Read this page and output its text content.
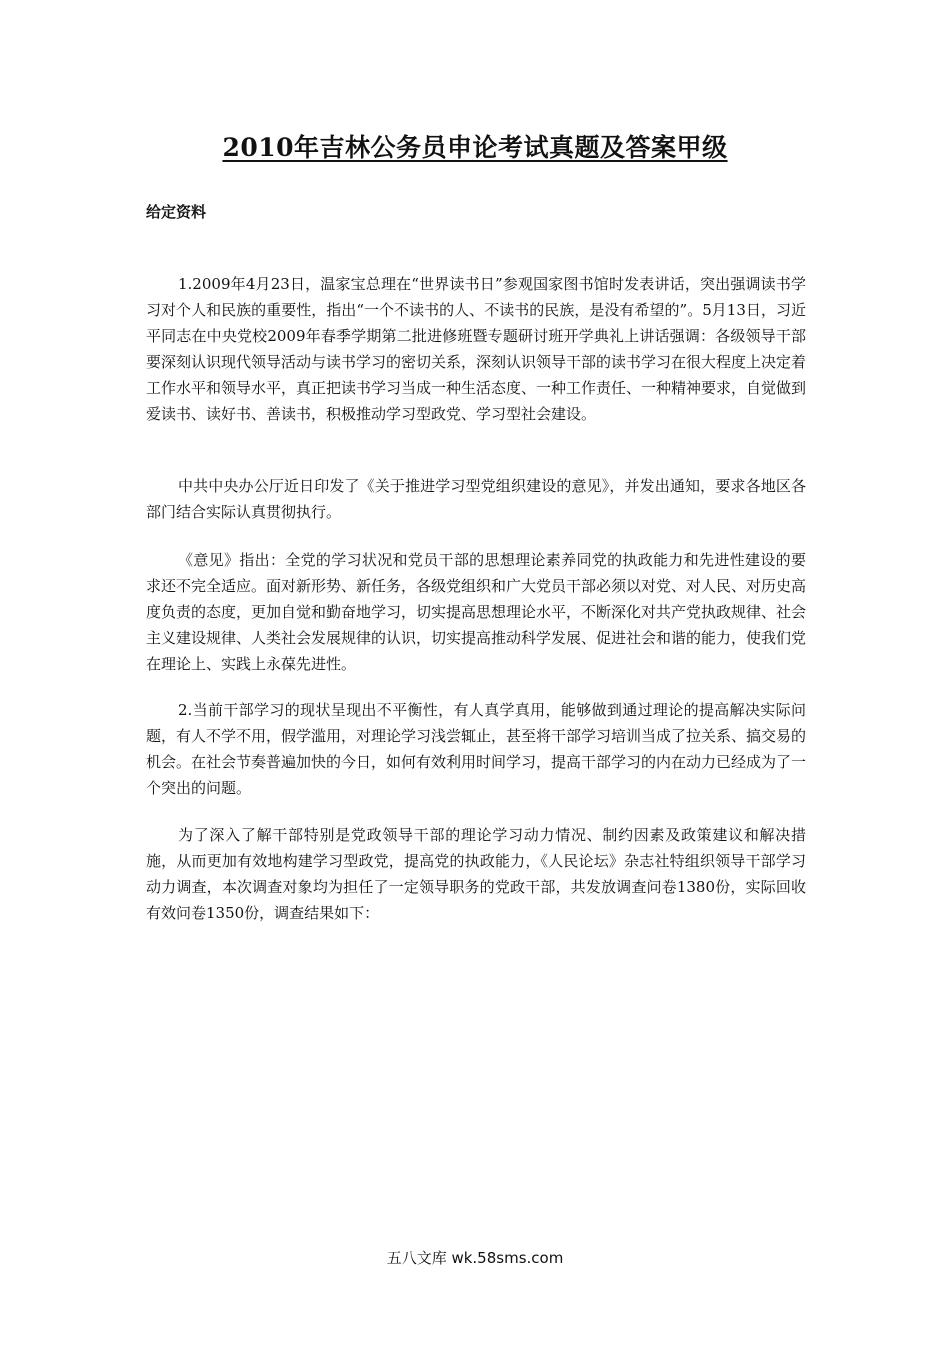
2010年吉林公务员申论考试真题及答案甲级
给定资料

1.2009年4月23日，温家宝总理在“世界读书日”参观国家图书馆时发表讲话，突出强调读书学习对个人和民族的重要性，指出“一个不读书的人、不读书的民族，是没有希望的”。5月13日，习近平同志在中央党校2009年春季学期第二批进修班暨专题研讨班开学典礼上讲话强调：各级领导干部要深刻认识现代领导活动与读书学习的密切关系，深刻认识领导干部的读书学习在很大程度上决定着工作水平和领导水平，真正把读书学习当成一种生活态度、一种工作责任、一种精神要求，自觉做到爱读书、读好书、善读书，积极推动学习型政党、学习型社会建设。

中共中央办公厅近日印发了《关于推进学习型党组织建设的意见》，并发出通知，要求各地区各部门结合实际认真贯彻执行。

《意见》指出：全党的学习状况和党员干部的思想理论素养同党的执政能力和先进性建设的要求还不完全适应。面对新形势、新任务，各级党组织和广大党员干部必须以对党、对人民、对历史高度负责的态度，更加自觉和勤奋地学习，切实提高思想理论水平，不断深化对共产党执政规律、社会主义建设规律、人类社会发展规律的认识，切实提高推动科学发展、促进社会和谐的能力，使我们党在理论上、实践上永葆先进性。

2.当前干部学习的现状呈现出不平衡性，有人真学真用，能够做到通过理论的提高解决实际问题，有人不学不用，假学滥用，对理论学习浅尝辄止，甚至将干部学习培训当成了拉关系、搞交易的机会。在社会节奏普遍加快的今日，如何有效利用时间学习，提高干部学习的内在动力已经成为了一个突出的问题。

为了深入了解干部特别是党政领导干部的理论学习动力情况、制约因素及政策建议和解决措施，从而更加有效地构建学习型政党，提高党的执政能力，《人民论坛》杂志社特组织领导干部学习动力调查，本次调查对象均为担任了一定领导职务的党政干部，共发放调查问卷1380份，实际回收有效问卷1350份，调查结果如下：

五八文库 wk.58sms.com
